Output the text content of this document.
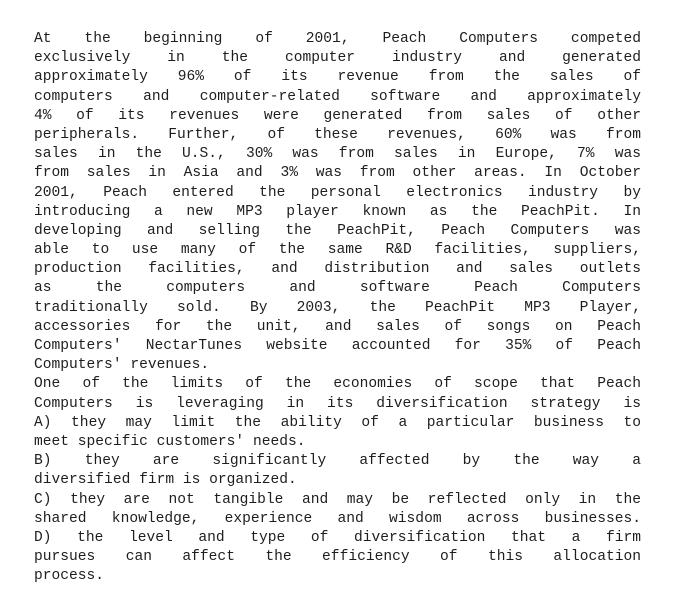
At the beginning of 2001, Peach Computers competed
exclusively in the computer industry and generated
approximately 96% of its revenue from the sales of
computers and computer-related software and approximately
4% of its revenues were generated from sales of other
peripherals. Further, of these revenues, 60% was from
sales in the U.S., 30% was from sales in Europe, 7% was
from sales in Asia and 3% was from other areas. In October
2001, Peach entered the personal electronics industry by
introducing a new MP3 player known as the PeachPit. In
developing and selling the PeachPit, Peach Computers was
able to use many of the same R&D facilities, suppliers,
production facilities, and distribution and sales outlets
as the computers and software Peach Computers
traditionally sold. By 2003, the PeachPit MP3 Player,
accessories for the unit, and sales of songs on Peach
Computers' NectarTunes website accounted for 35% of Peach
Computers' revenues.
One of the limits of the economies of scope that Peach
Computers is leveraging in its diversification strategy is
A) they may limit the ability of a particular business to
meet specific customers' needs.
B) they are significantly affected by the way a
diversified firm is organized.
C) they are not tangible and may be reflected only in the
shared knowledge, experience and wisdom across businesses.
D) the level and type of diversification that a firm
pursues can affect the efficiency of this allocation
process.
